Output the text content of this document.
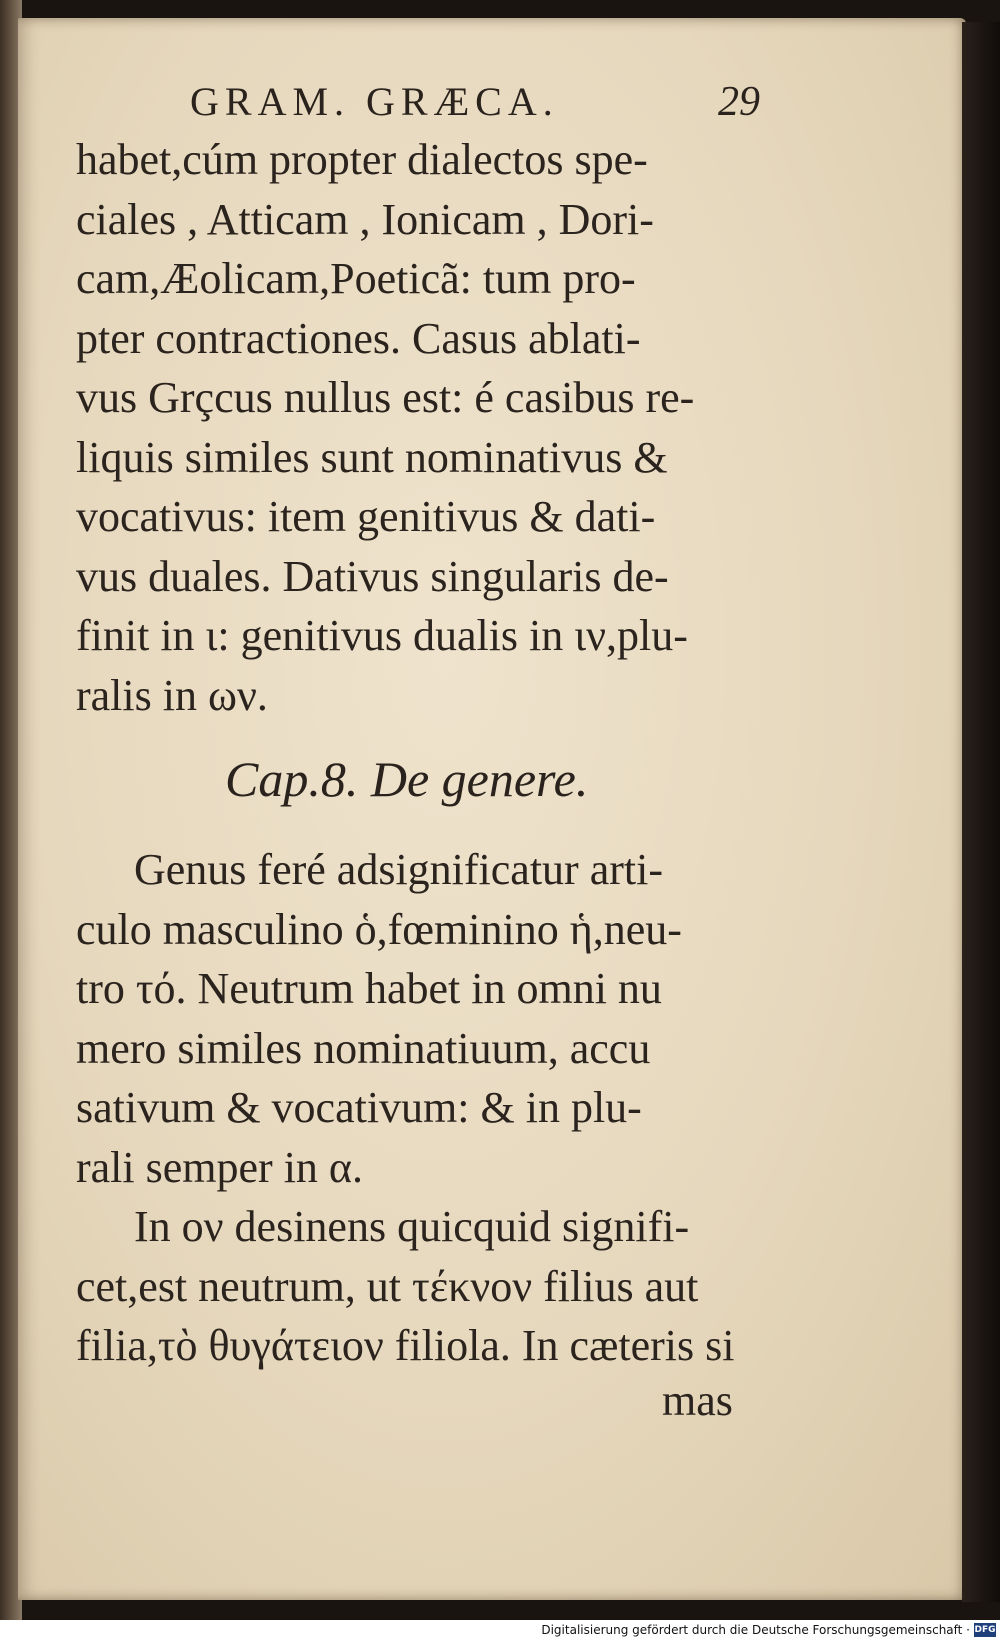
GRAM. GRÆCA.	29
habet,cúm propter dialectos spe-
ciales , Atticam , Ionicam , Dori-
cam,Æolicam,Poeticã: tum pro-
pter contractiones. Casus ablati-
vus Grçcus nullus est: é casibus re-
liquis similes sunt nominativus &
vocativus: item genitivus & dati-
vus duales. Dativus singularis de-
finit in ι: genitivus dualis in ιν,plu-
ralis in ων.
Cap.8. De genere.
Genus feré adsignificatur arti-
culo masculino ὁ,fœminino ἡ,neu-
tro τό. Neutrum habet in omni nu
mero similes nominatiuum, accu
sativum & vocativum: & in plu-
rali semper in α.
In ον desinens quicquid signifi-
cet,est neutrum, ut τέκνον filius aut
filia,τὸ θυγάτειον filiola. In cæteris si
mas
Digitalisierung gefördert durch die Deutsche Forschungsgemeinschaft · DFG
